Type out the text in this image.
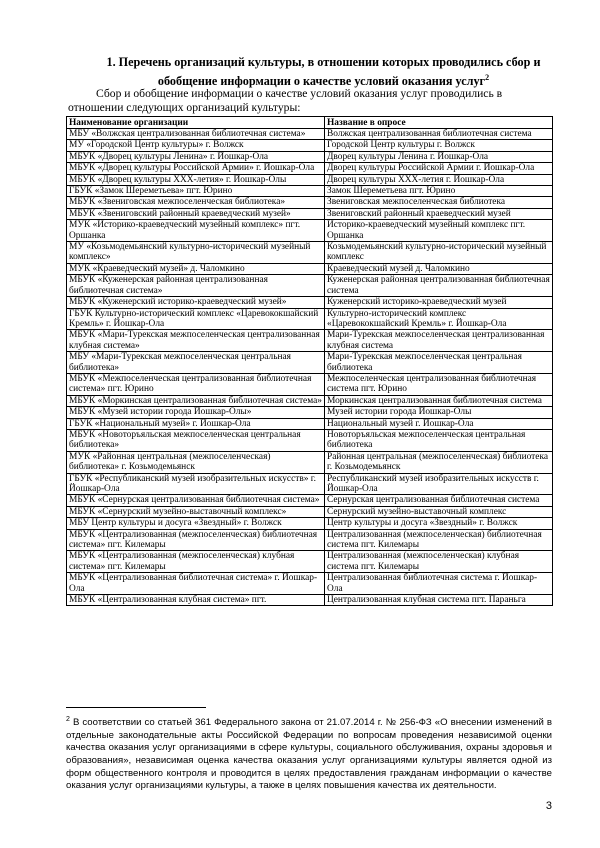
1. Перечень организаций культуры, в отношении которых проводились сбор и обобщение информации о качестве условий оказания услуг$^2$
Сбор и обобщение информации о качестве условий оказания услуг проводились в
отношении следующих организаций культуры:
Наименование организации	Название в опросе
МБУ «Волжская централизованная библиотечная система»	Волжская централизованная библиотечная система
МУ «Городской Центр культуры» г. Волжск	Городской Центр культуры г. Волжск
МБУК «Дворец культуры Ленина» г. Йошкар-Ола	Дворец культуры Ленина г. Йошкар-Ола
МБУК «Дворец культуры Российской Армии» г. Йошкар-Ола	Дворец культуры Российской Армии г. Йошкар-Ола
МБУК «Дворец культуры ХХХ-летия» г. Йошкар-Олы	Дворец культуры ХХХ-летия г. Йошкар-Ола
ГБУК «Замок Шереметьева» пгт. Юрино	Замок Шереметьева пгт. Юрино
МБУК «Звениговская межпоселенческая библиотека»	Звениговская межпоселенческая библиотека
МБУК «Звениговский районный краеведческий музей»	Звениговский районный краеведческий музей
МУК «Историко-краеведческий музейный комплекс» пгт. Оршанка	Историко-краеведческий музейный комплекс пгт. Оршанка
МУ «Козьмодемьянский культурно-исторический музейный комплекс»	Козьмодемьянский культурно-исторический музейный комплекс
МУК «Краеведческий музей» д. Чаломкино	Краеведческий музей д. Чаломкино
МБУК «Куженерская районная централизованная библиотечная система»	Куженерская районная централизованная библиотечная система
МБУК «Куженерский историко-краеведческий музей»	Куженерский историко-краеведческий музей
ГБУК Культурно-исторический комплекс «Царевококшайский Кремль» г. Йошкар-Ола	Культурно-исторический комплекс «Царевококшайский Кремль» г. Йошкар-Ола
МБУК «Мари-Турекская межпоселенческая централизованная клубная система»	Мари-Турекская межпоселенческая централизованная клубная система
МБУ «Мари-Турекская межпоселенческая центральная библиотека»	Мари-Турекская межпоселенческая центральная библиотека
МБУК «Межпоселенческая централизованная библиотечная система» пгт. Юрино	Межпоселенческая централизованная библиотечная система пгт. Юрино
МБУК «Моркинская централизованная библиотечная система»	Моркинская централизованная библиотечная система
МБУК «Музей истории города Йошкар-Олы»	Музей истории города Йошкар-Олы
ГБУК «Национальный музей» г. Йошкар-Ола	Национальный музей г. Йошкар-Ола
МБУК «Новоторъяльская межпоселенческая центральная библиотека»	Новоторъяльская межпоселенческая центральная библиотека
МУК «Районная центральная (межпоселенческая) библиотека» г. Козьмодемьянск	Районная центральная (межпоселенческая) библиотека г. Козьмодемьянск
ГБУК «Республиканский музей изобразительных искусств» г. Йошкар-Ола	Республиканский музей изобразительных искусств г. Йошкар-Ола
МБУК «Сернурская централизованная библиотечная система»	Сернурская централизованная библиотечная система
МБУК «Сернурский музейно-выставочный комплекс»	Сернурский музейно-выставочный комплекс
МБУ Центр культуры и досуга «Звездный» г. Волжск	Центр культуры и досуга «Звездный» г. Волжск
МБУК «Централизованная (межпоселенческая) библиотечная система» пгт. Килемары	Централизованная (межпоселенческая) библиотечная система пгт. Килемары
МБУК «Централизованная (межпоселенческая) клубная система» пгт. Килемары	Централизованная (межпоселенческая) клубная система пгт. Килемары
МБУК «Централизованная библиотечная система» г. Йошкар-Ола	Централизованная библиотечная система г. Йошкар-Ола
МБУК «Централизованная клубная система» пгт.	Централизованная клубная система пгт. Параньга
$^2$ В соответствии со статьей 361 Федерального закона от 21.07.2014 г. № 256-ФЗ «О внесении изменений в отдельные законодательные акты Российской Федерации по вопросам проведения независимой оценки качества оказания услуг организациями в сфере культуры, социального обслуживания, охраны здоровья и образования», независимая оценка качества оказания услуг организациями культуры является одной из форм общественного контроля и проводится в целях предоставления гражданам информации о качестве оказания услуг организациями культуры, а также в целях повышения качества их деятельности.
3
